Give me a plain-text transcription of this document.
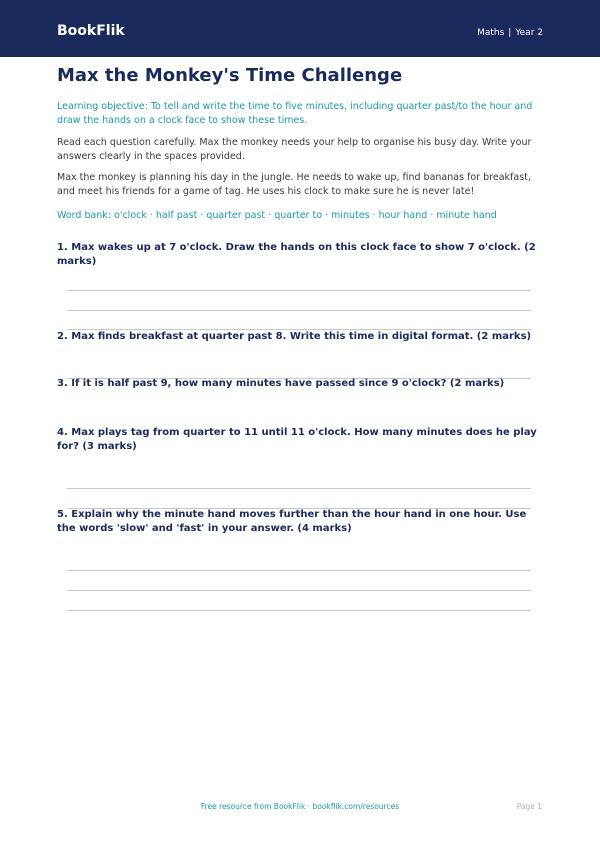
BookFlik	Maths | Year 2
Max the Monkey's Time Challenge
Learning objective: To tell and write the time to five minutes, including quarter past/to the hour and draw the hands on a clock face to show these times.
Read each question carefully. Max the monkey needs your help to organise his busy day. Write your answers clearly in the spaces provided.
Max the monkey is planning his day in the jungle. He needs to wake up, find bananas for breakfast, and meet his friends for a game of tag. He uses his clock to make sure he is never late!
Word bank: o'clock · half past · quarter past · quarter to · minutes · hour hand · minute hand
1. Max wakes up at 7 o'clock. Draw the hands on this clock face to show 7 o'clock. (2 marks)
2. Max finds breakfast at quarter past 8. Write this time in digital format. (2 marks)
3. If it is half past 9, how many minutes have passed since 9 o'clock? (2 marks)
4. Max plays tag from quarter to 11 until 11 o'clock. How many minutes does he play for? (3 marks)
5. Explain why the minute hand moves further than the hour hand in one hour. Use the words 'slow' and 'fast' in your answer. (4 marks)
Free resource from BookFlik · bookflik.com/resources	Page 1
